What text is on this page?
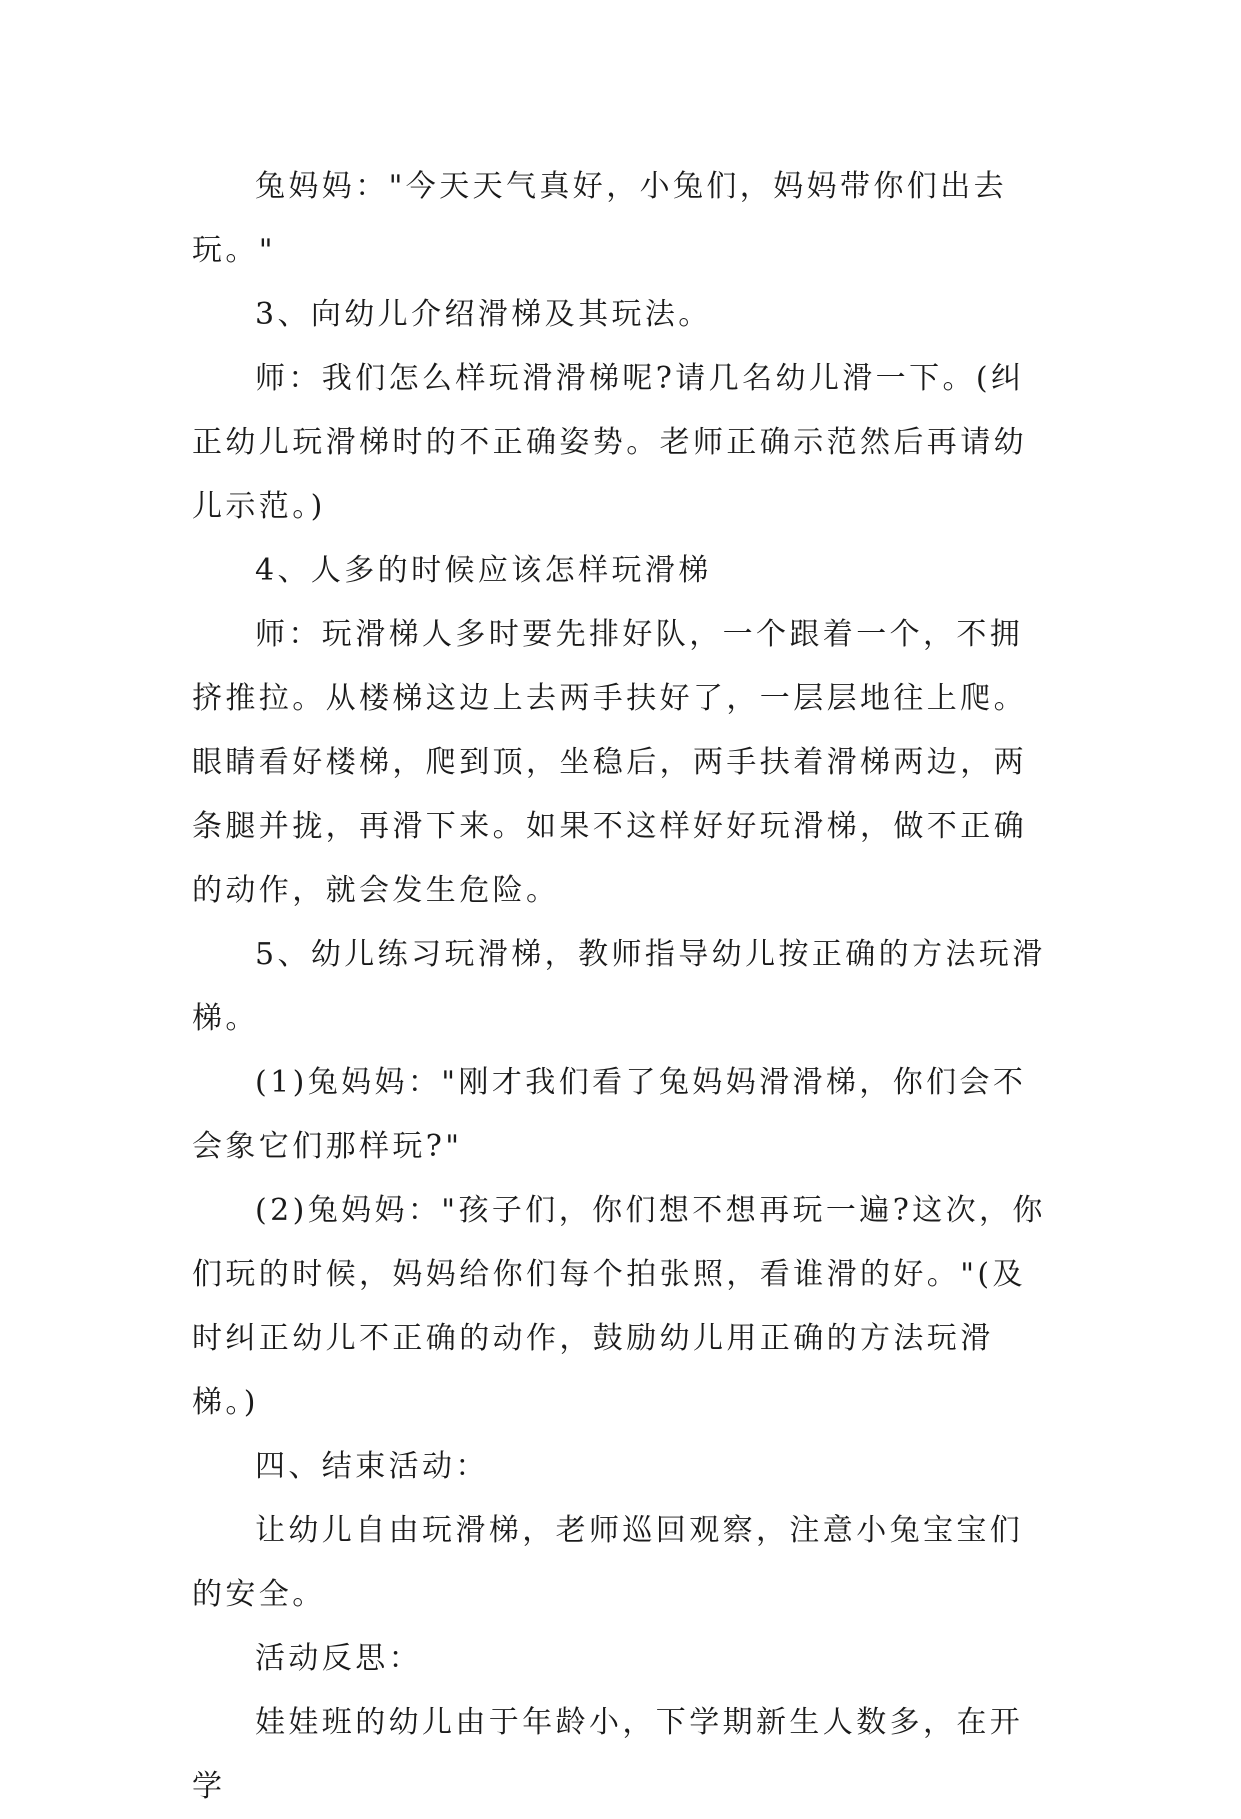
兔妈妈："今天天气真好，小兔们，妈妈带你们出去玩。"

3、向幼儿介绍滑梯及其玩法。

师：我们怎么样玩滑滑梯呢?请几名幼儿滑一下。(纠正幼儿玩滑梯时的不正确姿势。老师正确示范然后再请幼儿示范。)

4、人多的时候应该怎样玩滑梯

师：玩滑梯人多时要先排好队，一个跟着一个，不拥挤推拉。从楼梯这边上去两手扶好了，一层层地往上爬。眼睛看好楼梯，爬到顶，坐稳后，两手扶着滑梯两边，两条腿并拢，再滑下来。如果不这样好好玩滑梯，做不正确的动作，就会发生危险。

5、幼儿练习玩滑梯，教师指导幼儿按正确的方法玩滑梯。

(1)兔妈妈："刚才我们看了兔妈妈滑滑梯，你们会不会象它们那样玩?"

(2)兔妈妈："孩子们，你们想不想再玩一遍?这次，你们玩的时候，妈妈给你们每个拍张照，看谁滑的好。"(及时纠正幼儿不正确的动作，鼓励幼儿用正确的方法玩滑梯。)

四、结束活动：

让幼儿自由玩滑梯，老师巡回观察，注意小兔宝宝们的安全。

活动反思：

娃娃班的幼儿由于年龄小，下学期新生人数多，在开学
